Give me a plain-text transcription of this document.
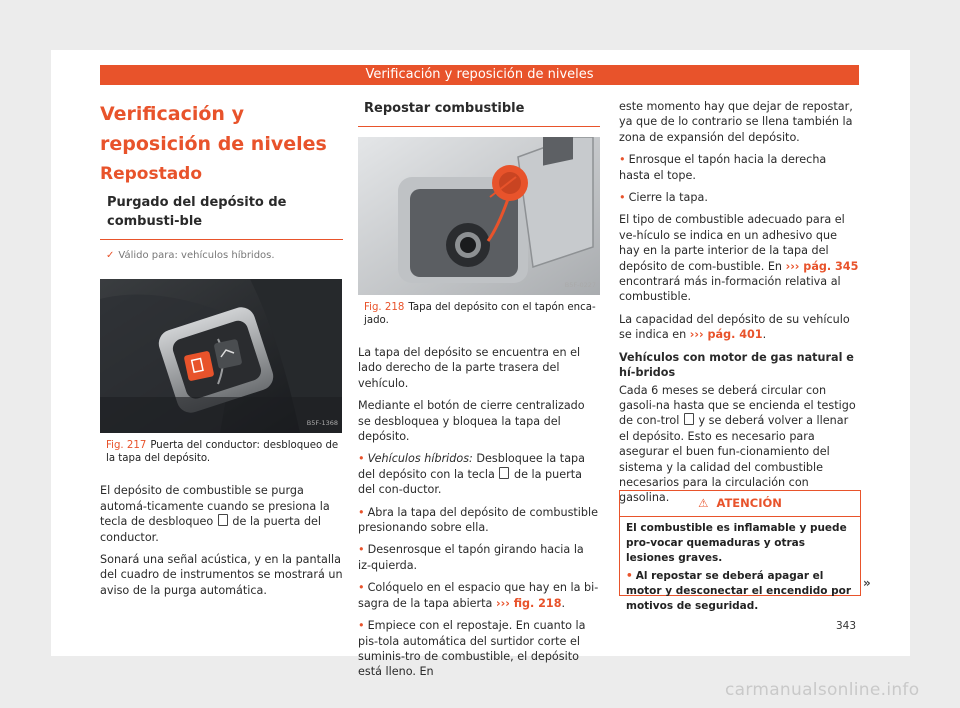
Verificación y reposición de niveles
Verificación y reposición de niveles
Repostado
Purgado del depósito de combusti-ble
✓ Válido para: vehículos híbridos.
B5F-1368
Fig. 217 Puerta del conductor: desbloqueo de la tapa del depósito.

El depósito de combustible se purga automá-ticamente cuando se presiona la tecla de desbloqueo de la puerta del conductor.

Sonará una señal acústica, y en la pantalla del cuadro de instrumentos se mostrará un aviso de la purga automática.

Repostar combustible
B5F-0227
Fig. 218 Tapa del depósito con el tapón enca-jado.

La tapa del depósito se encuentra en el lado derecho de la parte trasera del vehículo.

Mediante el botón de cierre centralizado se desbloquea y bloquea la tapa del depósito.

• Vehículos híbridos: Desbloquee la tapa del depósito con la tecla de la puerta del con-ductor.

• Abra la tapa del depósito de combustible presionando sobre ella.

• Desenrosque el tapón girando hacia la iz-quierda.

• Colóquelo en el espacio que hay en la bi-sagra de la tapa abierta ››› fig. 218.

• Empiece con el repostaje. En cuanto la pis-tola automática del surtidor corte el suminis-tro de combustible, el depósito está lleno. En

este momento hay que dejar de repostar, ya que de lo contrario se llena también la zona de expansión del depósito.

• Enrosque el tapón hacia la derecha hasta el tope.

• Cierre la tapa.

El tipo de combustible adecuado para el ve-hículo se indica en un adhesivo que hay en la parte interior de la tapa del depósito de com-bustible. En ››› pág. 345 encontrará más in-formación relativa al combustible.

La capacidad del depósito de su vehículo se indica en ››› pág. 401.

Vehículos con motor de gas natural e hí-bridos

Cada 6 meses se deberá circular con gasoli-na hasta que se encienda el testigo de con-trol y se deberá volver a llenar el depósito. Esto es necesario para asegurar el buen fun-cionamiento del sistema y la calidad del combustible necesarios para la circulación con gasolina.	⚠ ATENCIÓN

El combustible es inflamable y puede pro-vocar quemaduras y otras lesiones graves.

• Al repostar se deberá apagar el motor y desconectar el encendido por motivos de seguridad.

»
343
carmanualsonline.info
